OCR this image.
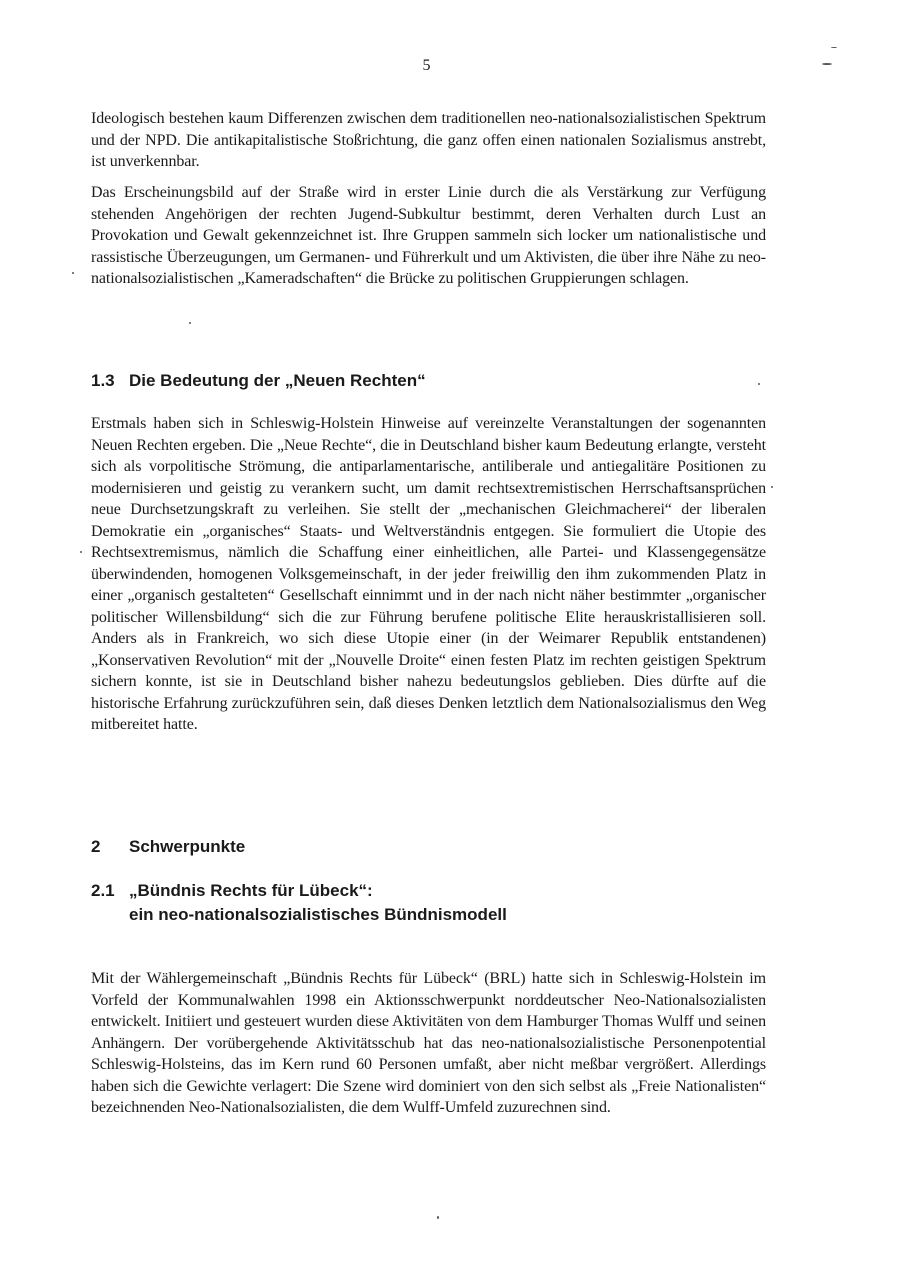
5

Ideologisch bestehen kaum Differenzen zwischen dem traditionellen neo-nationalsozialistischen Spektrum und der NPD. Die antikapitalistische Stoßrichtung, die ganz offen einen nationalen Sozialismus anstrebt, ist unverkennbar.

Das Erscheinungsbild auf der Straße wird in erster Linie durch die als Verstärkung zur Verfügung stehenden Angehörigen der rechten Jugend-Subkultur bestimmt, deren Verhalten durch Lust an Provokation und Gewalt gekennzeichnet ist. Ihre Gruppen sammeln sich locker um nationalistische und rassistische Überzeugungen, um Germanen- und Führerkult und um Aktivisten, die über ihre Nähe zu neo-nationalsozialistischen „Kameradschaften“ die Brücke zu politischen Gruppierungen schlagen.

1.3 Die Bedeutung der „Neuen Rechten“

Erstmals haben sich in Schleswig-Holstein Hinweise auf vereinzelte Veranstaltungen der sogenannten Neuen Rechten ergeben. Die „Neue Rechte“, die in Deutschland bisher kaum Bedeutung erlangte, versteht sich als vorpolitische Strömung, die antiparlamentarische, antiliberale und antiegalitäre Positionen zu modernisieren und geistig zu verankern sucht, um damit rechtsextremistischen Herrschaftsansprüchen neue Durchsetzungskraft zu verleihen. Sie stellt der „mechanischen Gleichmacherei“ der liberalen Demokratie ein „organisches“ Staats- und Weltverständnis entgegen. Sie formuliert die Utopie des Rechtsextremismus, nämlich die Schaffung einer einheitlichen, alle Partei- und Klassengegensätze überwindenden, homogenen Volksgemeinschaft, in der jeder freiwillig den ihm zukommenden Platz in einer „organisch gestalteten“ Gesellschaft einnimmt und in der nach nicht näher bestimmter „organischer politischer Willensbildung“ sich die zur Führung berufene politische Elite herauskristallisieren soll. Anders als in Frankreich, wo sich diese Utopie einer (in der Weimarer Republik entstandenen) „Konservativen Revolution“ mit der „Nouvelle Droite“ einen festen Platz im rechten geistigen Spektrum sichern konnte, ist sie in Deutschland bisher nahezu bedeutungslos geblieben. Dies dürfte auf die historische Erfahrung zurückzuführen sein, daß dieses Denken letztlich dem Nationalsozialismus den Weg mitbereitet hatte.

2 Schwerpunkte
2.1 „Bündnis Rechts für Lübeck“:
ein neo-nationalsozialistisches Bündnismodell

Mit der Wählergemeinschaft „Bündnis Rechts für Lübeck“ (BRL) hatte sich in Schleswig-Holstein im Vorfeld der Kommunalwahlen 1998 ein Aktionsschwerpunkt norddeutscher Neo-Nationalsozialisten entwickelt. Initiiert und gesteuert wurden diese Aktivitäten von dem Hamburger Thomas Wulff und seinen Anhängern. Der vorübergehende Aktivitätsschub hat das neo-nationalsozialistische Personenpotential Schleswig-Holsteins, das im Kern rund 60 Personen umfaßt, aber nicht meßbar vergrößert. Allerdings haben sich die Gewichte verlagert: Die Szene wird dominiert von den sich selbst als „Freie Nationalisten“ bezeichnenden Neo-Nationalsozialisten, die dem Wulff-Umfeld zuzurechnen sind.
